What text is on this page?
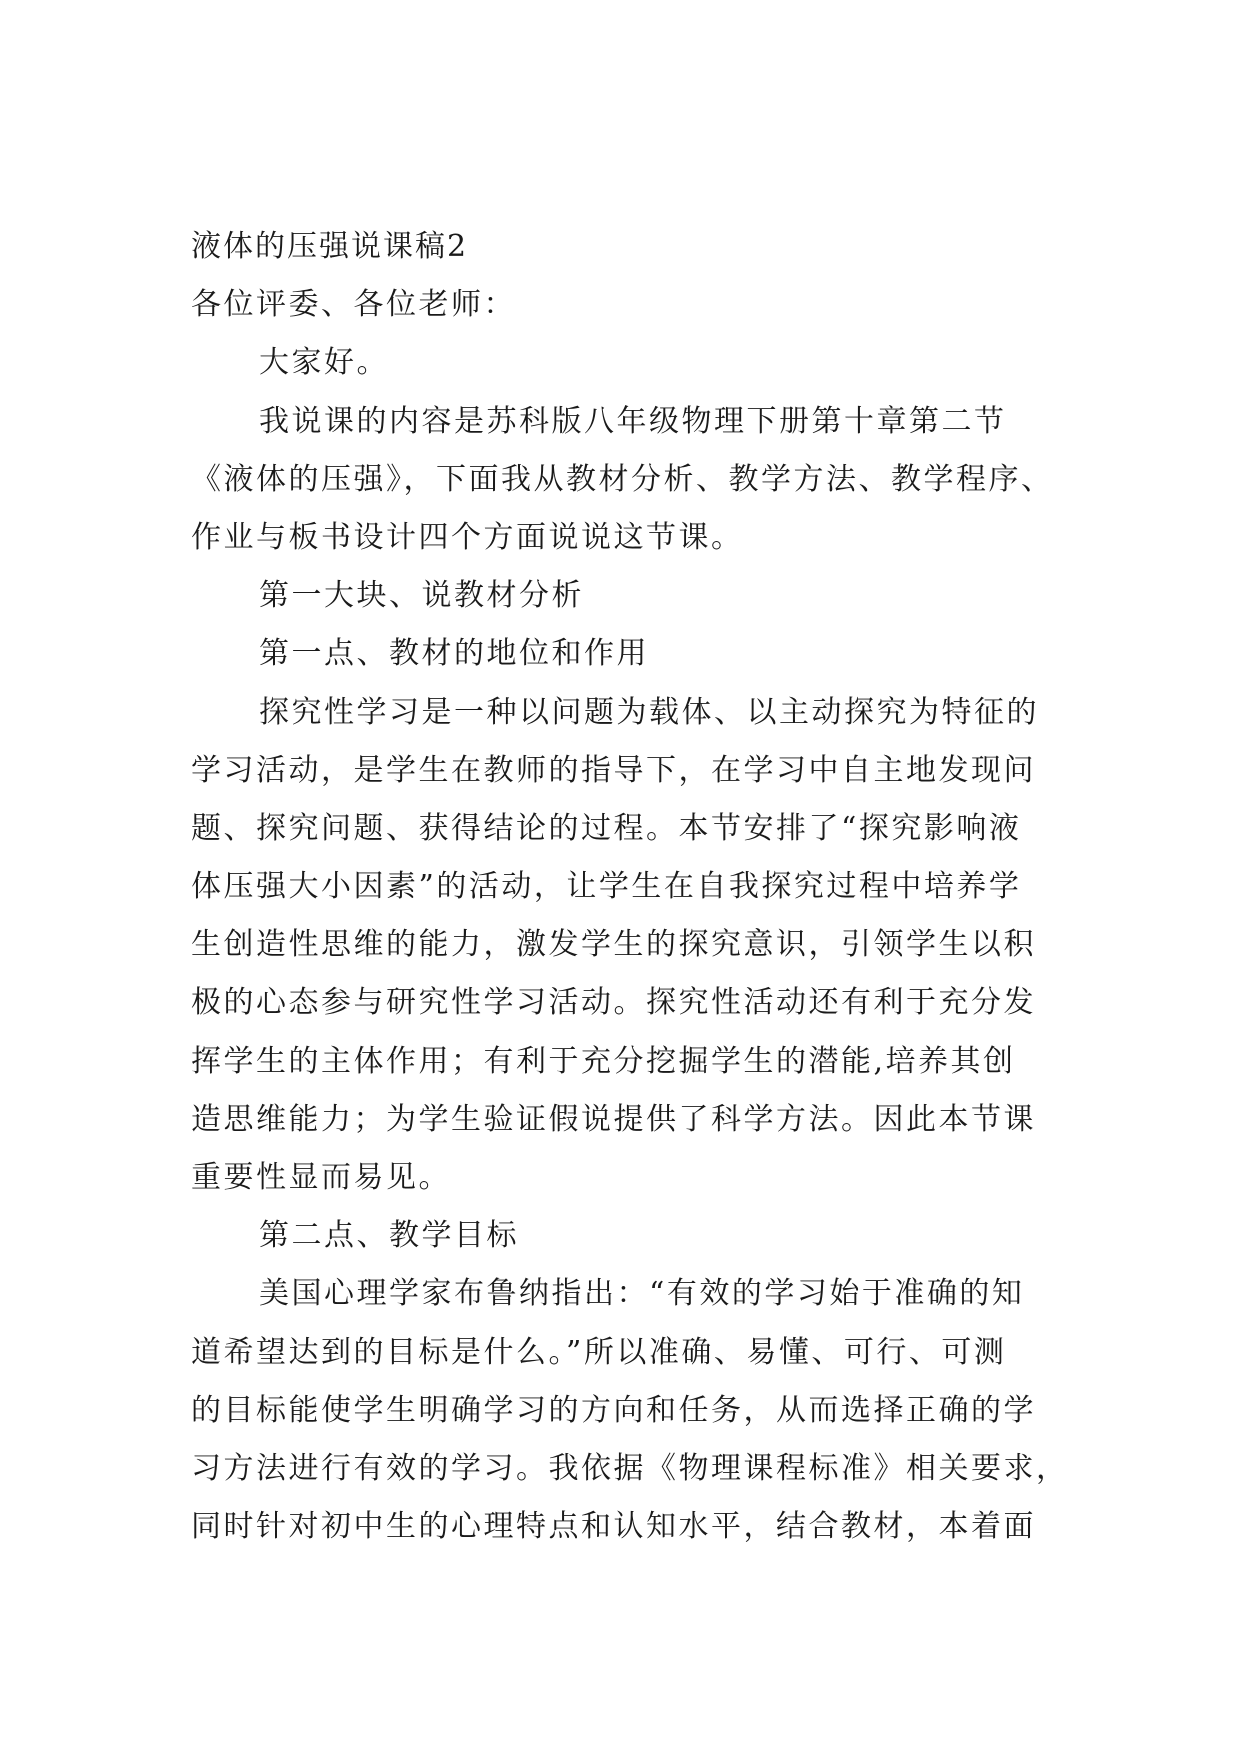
液体的压强说课稿2
各位评委、各位老师：
大家好。
我说课的内容是苏科版八年级物理下册第十章第二节
《液体的压强》，下面我从教材分析、教学方法、教学程序、
作业与板书设计四个方面说说这节课。
第一大块、说教材分析
第一点、教材的地位和作用
探究性学习是一种以问题为载体、以主动探究为特征的
学习活动，是学生在教师的指导下，在学习中自主地发现问
题、探究问题、获得结论的过程。本节安排了“探究影响液
体压强大小因素”的活动，让学生在自我探究过程中培养学
生创造性思维的能力，激发学生的探究意识，引领学生以积
极的心态参与研究性学习活动。探究性活动还有利于充分发
挥学生的主体作用；有利于充分挖掘学生的潜能,培养其创
造思维能力；为学生验证假说提供了科学方法。因此本节课
重要性显而易见。
第二点、教学目标
美国心理学家布鲁纳指出：“有效的学习始于准确的知
道希望达到的目标是什么。”所以准确、易懂、可行、可测
的目标能使学生明确学习的方向和任务，从而选择正确的学
习方法进行有效的学习。我依据《物理课程标准》相关要求，
同时针对初中生的心理特点和认知水平，结合教材，本着面
